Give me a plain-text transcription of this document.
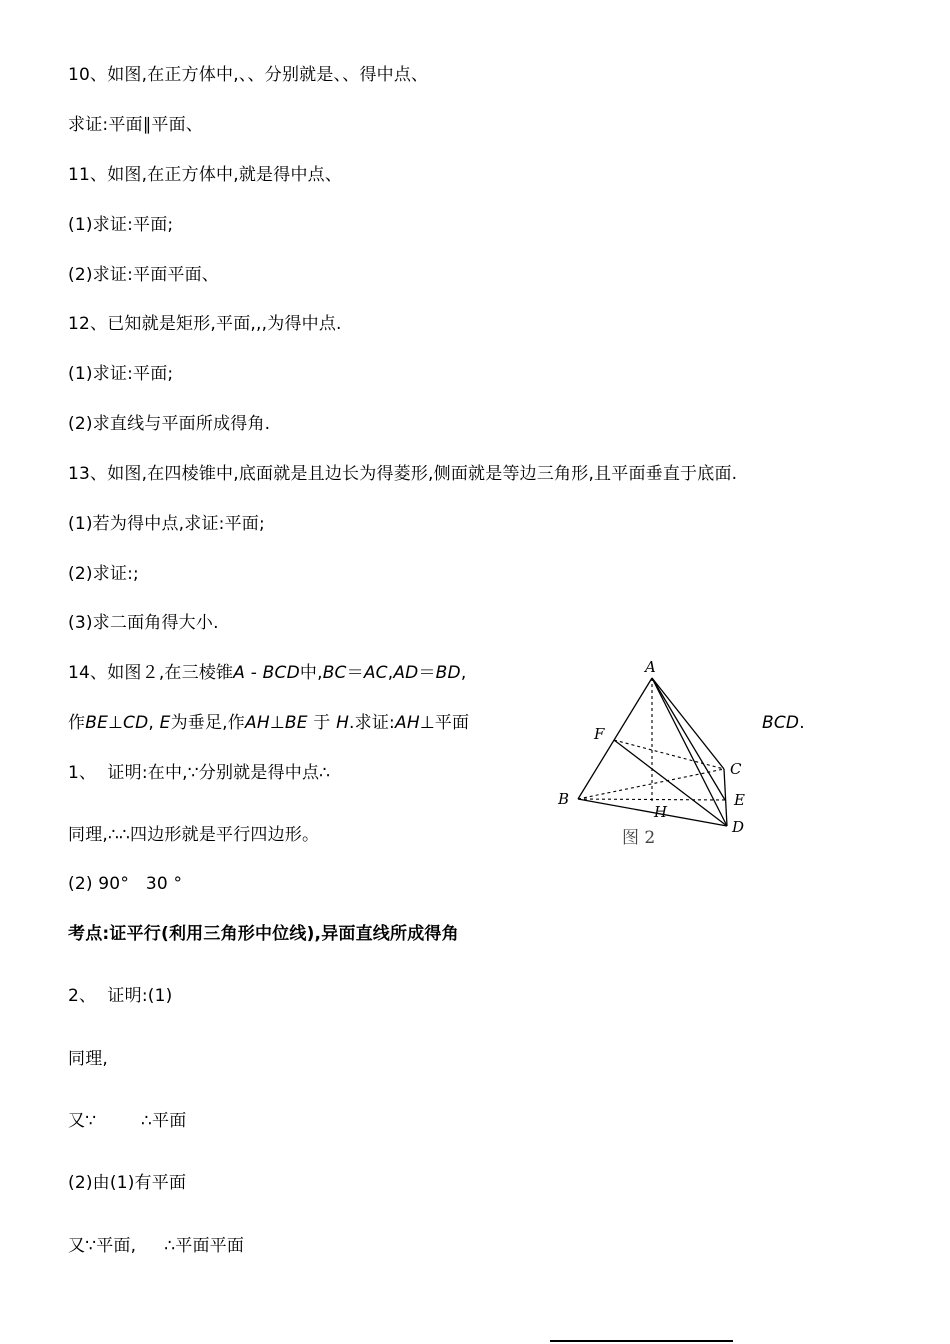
10、如图,在正方体中,、、分别就是、、得中点、
求证:平面∥平面、
11、如图,在正方体中,就是得中点、
(1)求证:平面;
(2)求证:平面平面、
12、已知就是矩形,平面,,,为得中点.
(1)求证:平面;
(2)求直线与平面所成得角.
13、如图,在四棱锥中,底面就是且边长为得菱形,侧面就是等边三角形,且平面垂直于底面.
(1)若为得中点,求证:平面;
(2)求证:;
(3)求二面角得大小.
14、如图２,在三棱锥A - BCD中,BC＝AC,AD＝BD,
作BE⊥CD, E为垂足,作AH⊥BE 于 H.求证:AH⊥平面	BCD.
1、  证明:在中,∵分别就是得中点∴
同理,∴∴四边形就是平行四边形。
(2) 90°   30 °
考点:证平行(利用三角形中位线),异面直线所成得角
2、  证明:(1)
同理,
又∵        ∴平面
(2)由(1)有平面
又∵平面,     ∴平面平面
A
F
C
B	E
H
D
图 2
